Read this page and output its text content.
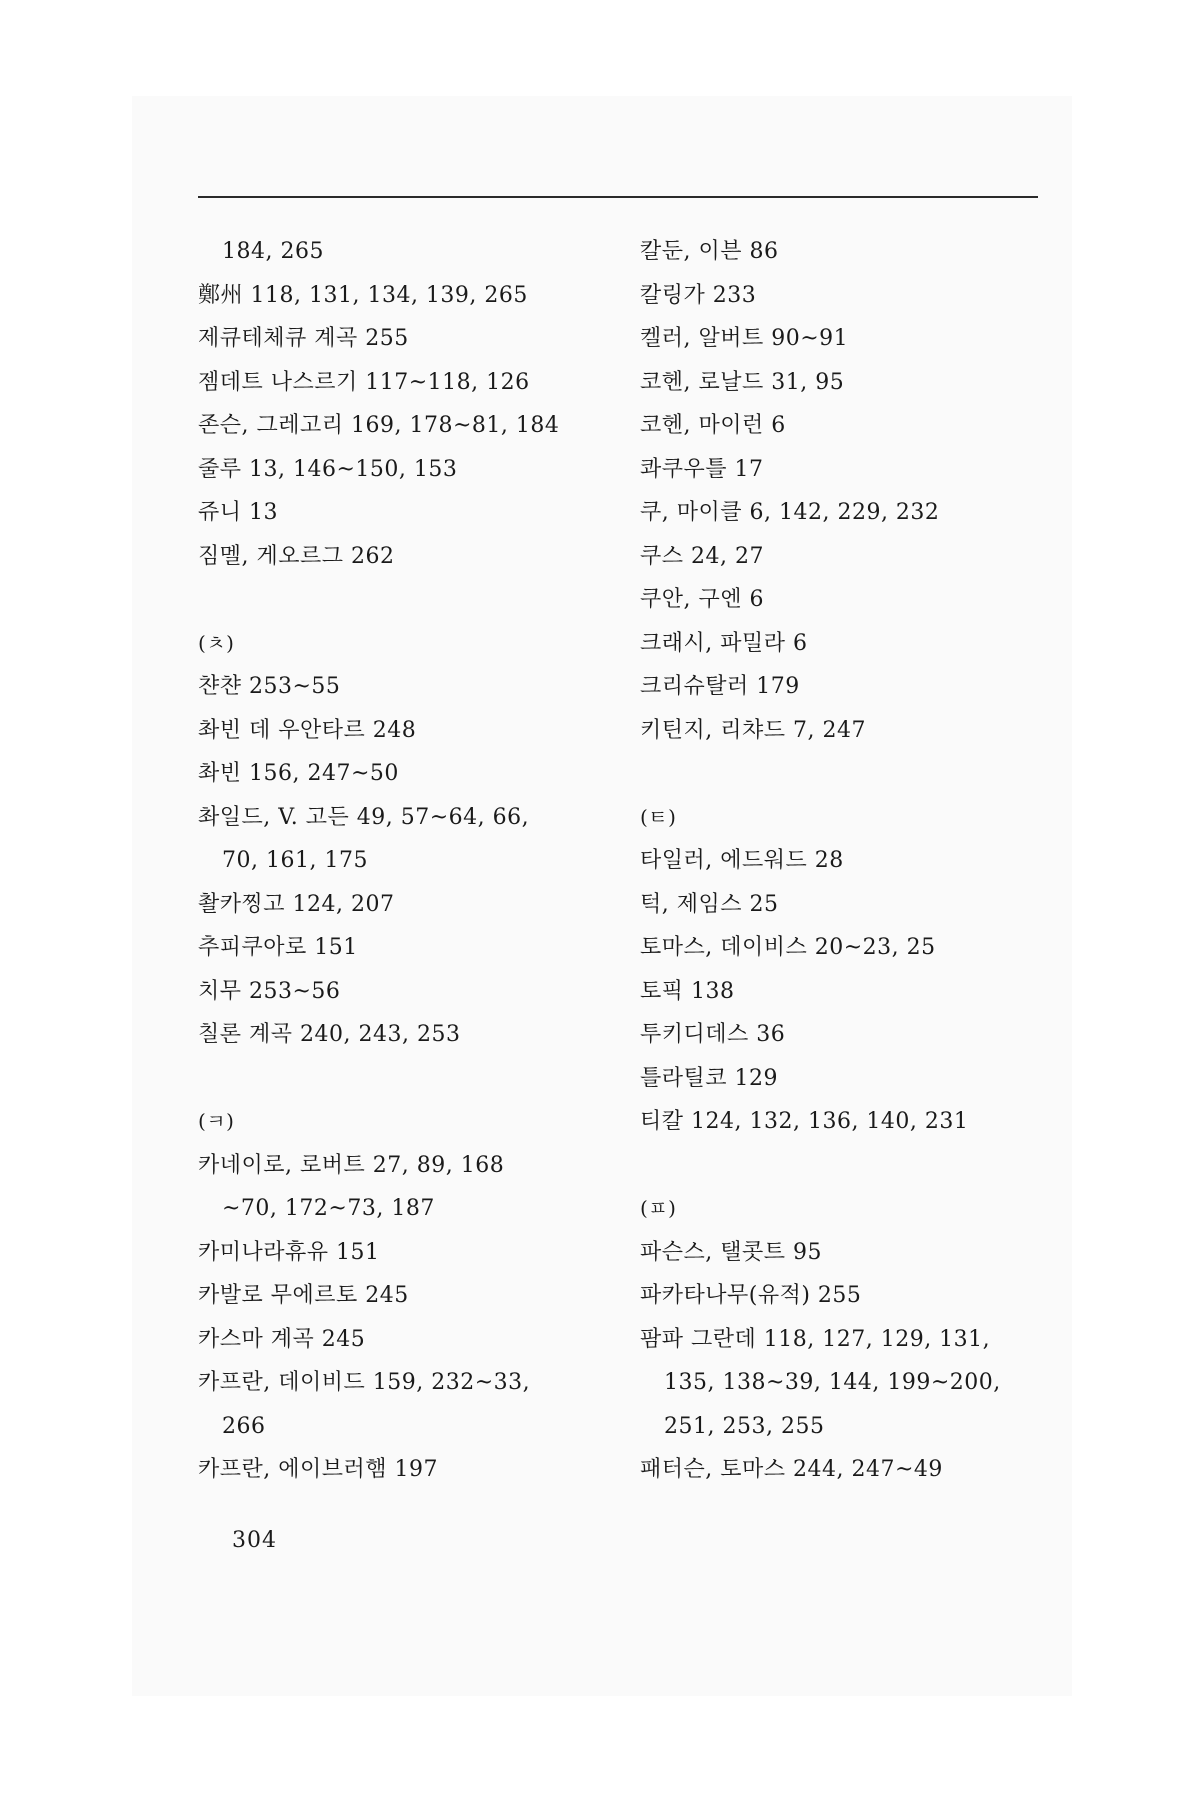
184, 265
鄭州 118, 131, 134, 139, 265
제큐테체큐 계곡 255
젬데트 나스르기 117~118, 126
존슨, 그레고리 169, 178~81, 184
줄루 13, 146~150, 153
쥬니 13
짐멜, 게오르그 262
(ㅊ)
챤챤 253~55
촤빈 데 우안타르 248
촤빈 156, 247~50
촤일드, V. 고든 49, 57~64, 66,
70, 161, 175
촬카찡고 124, 207
추피쿠아로 151
치무 253~56
칠론 계곡 240, 243, 253
(ㅋ)
카네이로, 로버트 27, 89, 168
~70, 172~73, 187
카미나라휴유 151
카발로 무에르토 245
카스마 계곡 245
카프란, 데이비드 159, 232~33,
266
카프란, 에이브러햄 197
칼둔, 이븐 86
칼링가 233
켈러, 알버트 90~91
코헨, 로날드 31, 95
코헨, 마이런 6
콰쿠우틀 17
쿠, 마이클 6, 142, 229, 232
쿠스 24, 27
쿠안, 구엔 6
크래시, 파밀라 6
크리슈탈러 179
키틴지, 리챠드 7, 247
(ㅌ)
타일러, 에드워드 28
턱, 제임스 25
토마스, 데이비스 20~23, 25
토픽 138
투키디데스 36
틀라틸코 129
티칼 124, 132, 136, 140, 231
(ㅍ)
파슨스, 탤콧트 95
파카타나무(유적) 255
팜파 그란데 118, 127, 129, 131,
135, 138~39, 144, 199~200,
251, 253, 255
패터슨, 토마스 244, 247~49
304
